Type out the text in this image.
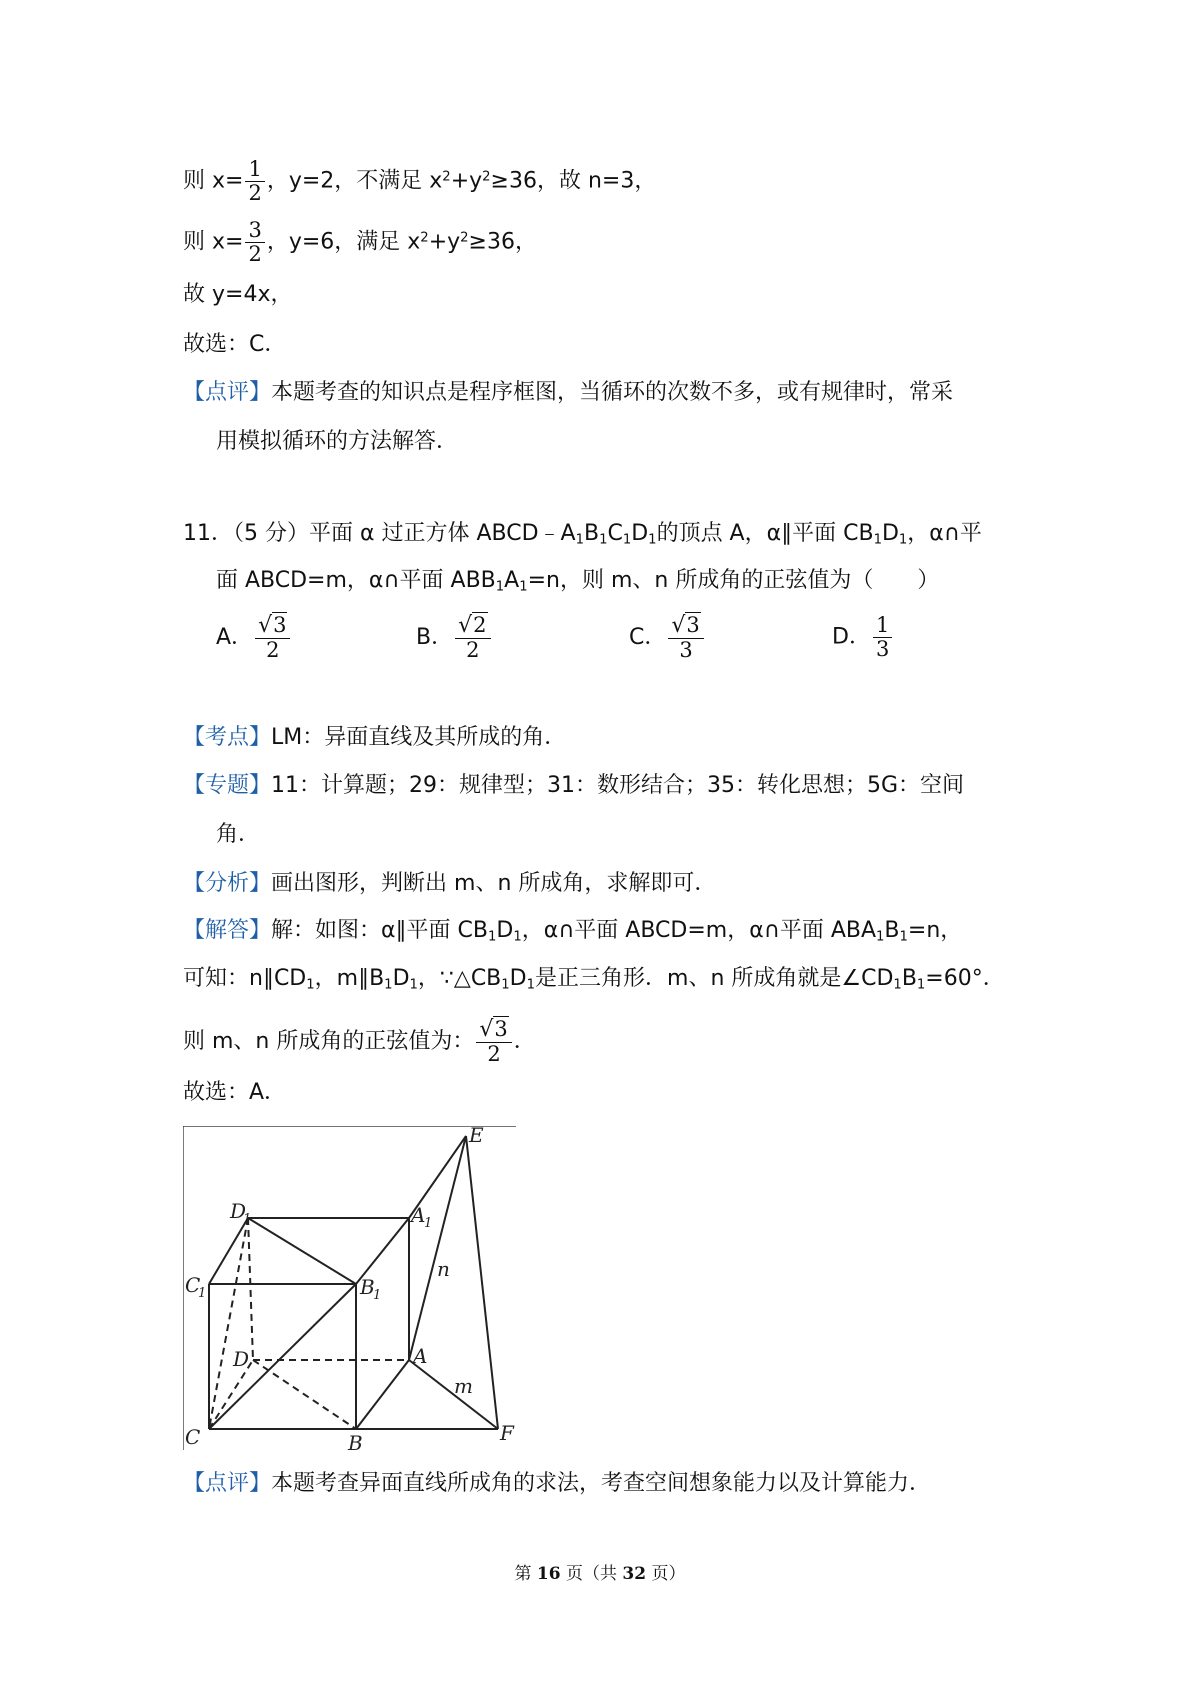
则 $x= \frac{1}{2}$ ，y=2，不满足 $x^2+y^2\ge 36$，故 n=3，
则 $x= \frac{3}{2}$ ，y=6，满足 $x^2+y^2\ge 36$，
故 y=4x，
故选：C．
【点评】本题考查的知识点是程序框图，当循环的次数不多，或有规律时，常采
用模拟循环的方法解答．
11．（5 分）平面 α 过正方体 $ABCD﹣A_1B_1C_1D_1$的顶点 A，α∥平面 $CB_1D_1$，α∩平
面 ABCD=m，α∩平面 $ABB_1A_1=n$，则 m、n 所成角的正弦值为（　　）
A． $\frac{√3}{2}$	B． $\frac{√2}{2}$	C． $\frac{√3}{3}$	D． $\frac{1}{3}$
【考点】LM：异面直线及其所成的角．
【专题】11：计算题；29：规律型；31：数形结合；35：转化思想；5G：空间
角．
【分析】画出图形，判断出 m、n 所成角，求解即可．
【解答】解：如图：α∥平面 $CB_1D_1$，α∩平面 ABCD=m，α∩平面 $ABA_1B_1=n$，
可知：$n\parallel CD_1$，$m\parallel B_1D_1$，$\because\triangle CB_1D_1$是正三角形．m、n 所成角就是$\angle CD_1B_1=60^\circ$．
则 m、n 所成角的正弦值为： $\frac{√3}{2}$ ．
故选：A．
E
D
1	A
1
C
1	B
1
D	A
C	B	F
n
m
【点评】本题考查异面直线所成角的求法，考查空间想象能力以及计算能力．
第 16 页（共 32 页）
